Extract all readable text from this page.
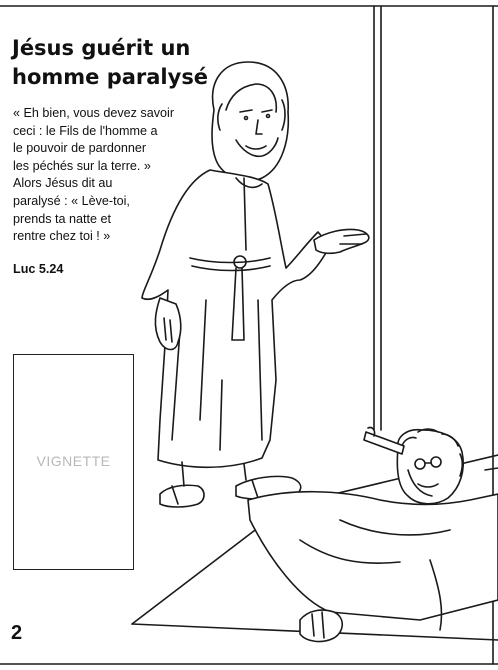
Jésus guérit un
homme paralysé
« Eh bien, vous devez savoir
ceci : le Fils de l'homme a
le pouvoir de pardonner
les péchés sur la terre. »
Alors Jésus dit au
paralysé : « Lève-toi,
prends ta natte et
rentre chez toi ! »
Luc 5.24
VIGNETTE
2
